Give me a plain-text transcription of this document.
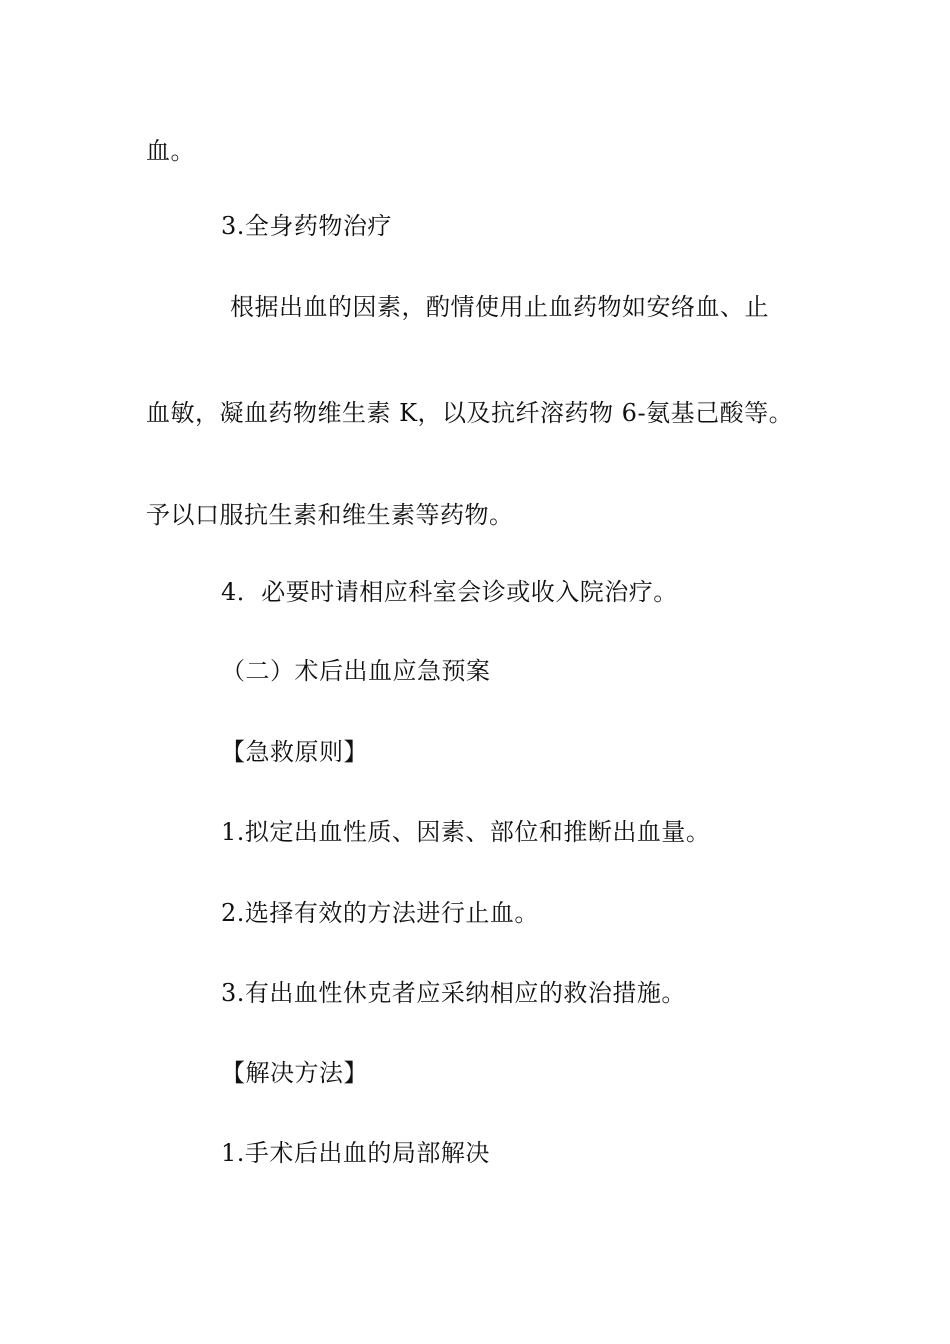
血。
3.全身药物治疗
根据出血的因素，酌情使用止血药物如安络血、止
血敏，凝血药物维生素 K，以及抗纤溶药物 6-氨基己酸等。
予以口服抗生素和维生素等药物。
4．必要时请相应科室会诊或收入院治疗。
（二）术后出血应急预案
【急救原则】
1.拟定出血性质、因素、部位和推断出血量。
2.选择有效的方法进行止血。
3.有出血性休克者应采纳相应的救治措施。
【解决方法】
1.手术后出血的局部解决
